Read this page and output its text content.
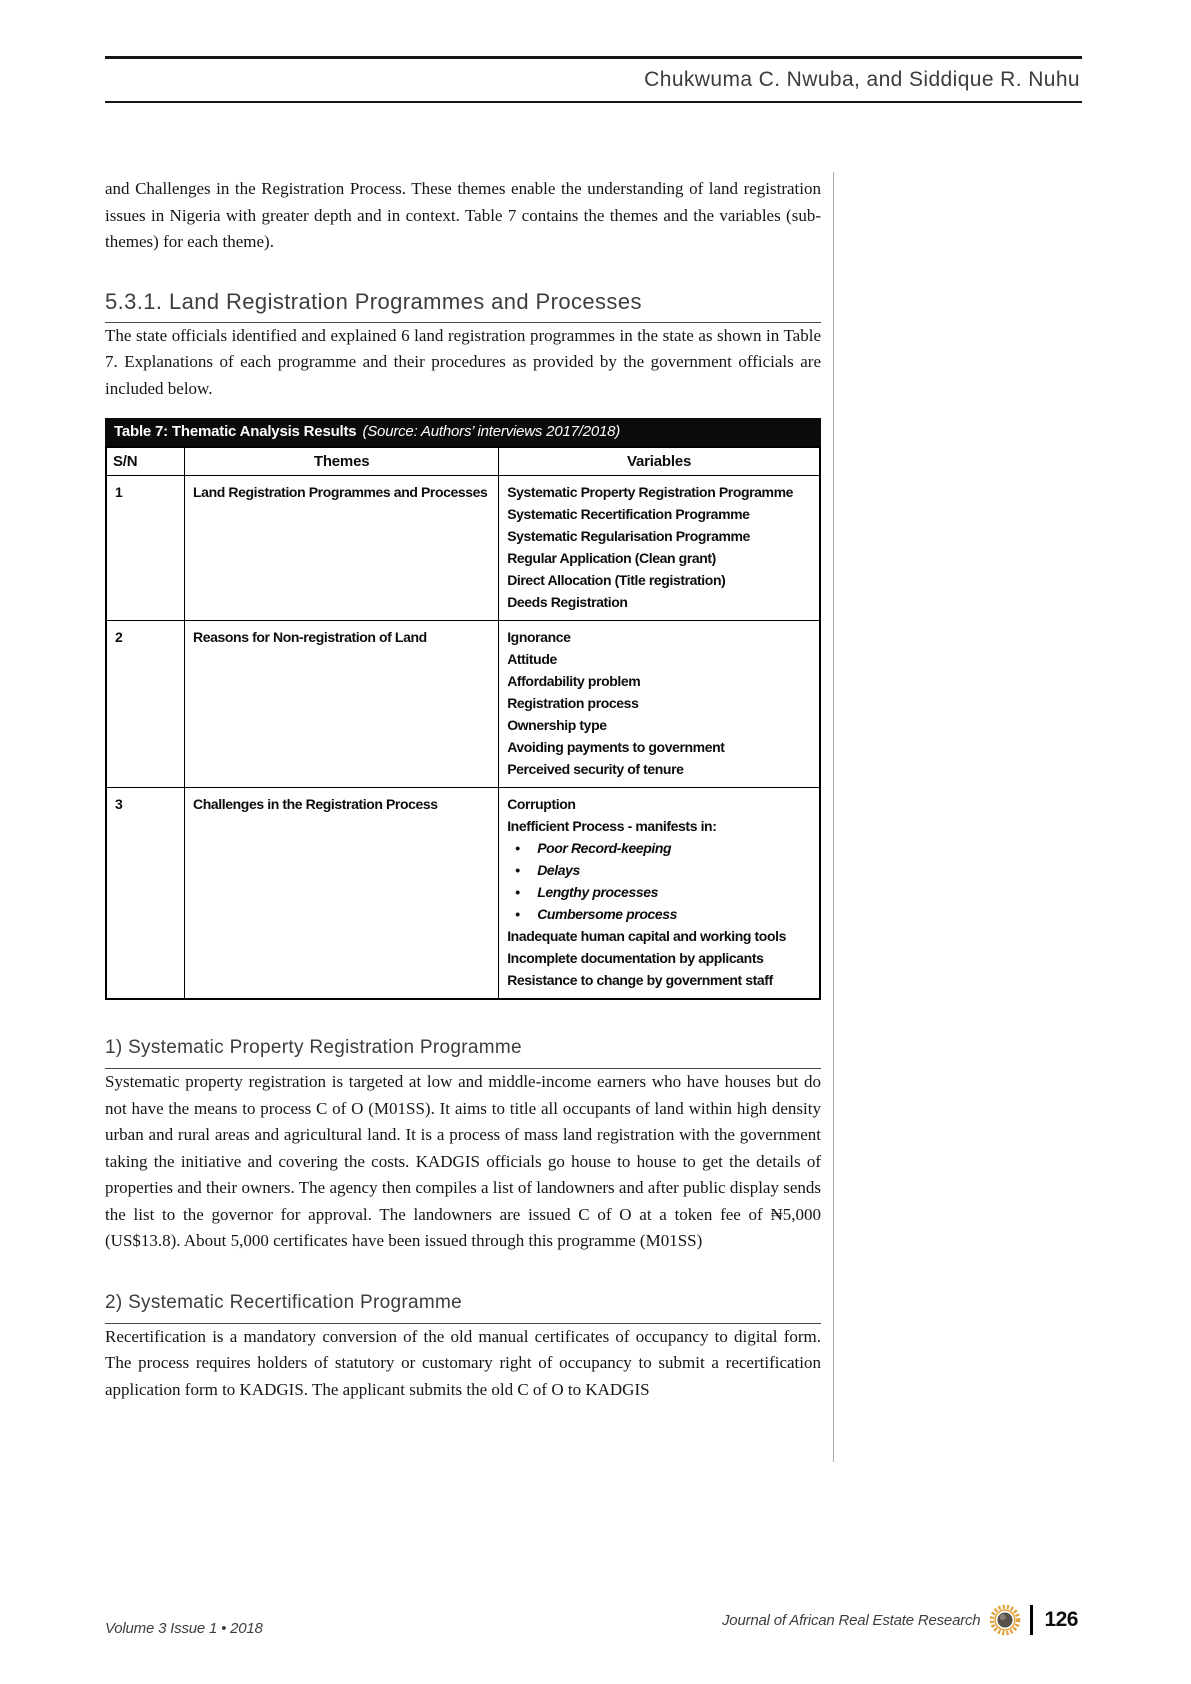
Chukwuma C. Nwuba, and Siddique R. Nuhu

and Challenges in the Registration Process. These themes enable the understanding of land registration issues in Nigeria with greater depth and in context. Table 7 contains the themes and the variables (sub-themes) for each theme).

5.3.1. Land Registration Programmes and Processes

The state officials identified and explained 6 land registration programmes in the state as shown in Table 7. Explanations of each programme and their procedures as provided by the government officials are included below.

Table 7: Thematic Analysis Results (Source: Authors’ interviews 2017/2018)
S/N	Themes	Variables
1	Land Registration Programmes and Processes	Systematic Property Registration Programme
Systematic Recertification Programme
Systematic Regularisation Programme
Regular Application (Clean grant)
Direct Allocation (Title registration)
Deeds Registration

2	Reasons for Non-registration of Land	Ignorance
Attitude
Affordability problem
Registration process
Ownership type
Avoiding payments to government
Perceived security of tenure

3	Challenges in the Registration Process	Corruption
Inefficient Process - manifests in:
• Poor Record-keeping
• Delays
• Lengthy processes
• Cumbersome process
Inadequate human capital and working tools
Incomplete documentation by applicants
Resistance to change by government staff
1) Systematic Property Registration Programme

Systematic property registration is targeted at low and middle-income earners who have houses but do not have the means to process C of O (M01SS). It aims to title all occupants of land within high density urban and rural areas and agricultural land. It is a process of mass land registration with the government taking the initiative and covering the costs. KADGIS officials go house to house to get the details of properties and their owners. The agency then compiles a list of landowners and after public display sends the list to the governor for approval. The landowners are issued C of O at a token fee of ₦5,000 (US$13.8). About 5,000 certificates have been issued through this programme (M01SS)

2) Systematic Recertification Programme

Recertification is a mandatory conversion of the old manual certificates of occupancy to digital form. The process requires holders of statutory or customary right of occupancy to submit a recertification application form to KADGIS. The applicant submits the old C of O to KADGIS

Volume 3 Issue 1 • 2018	Journal of African Real Estate Research	126
